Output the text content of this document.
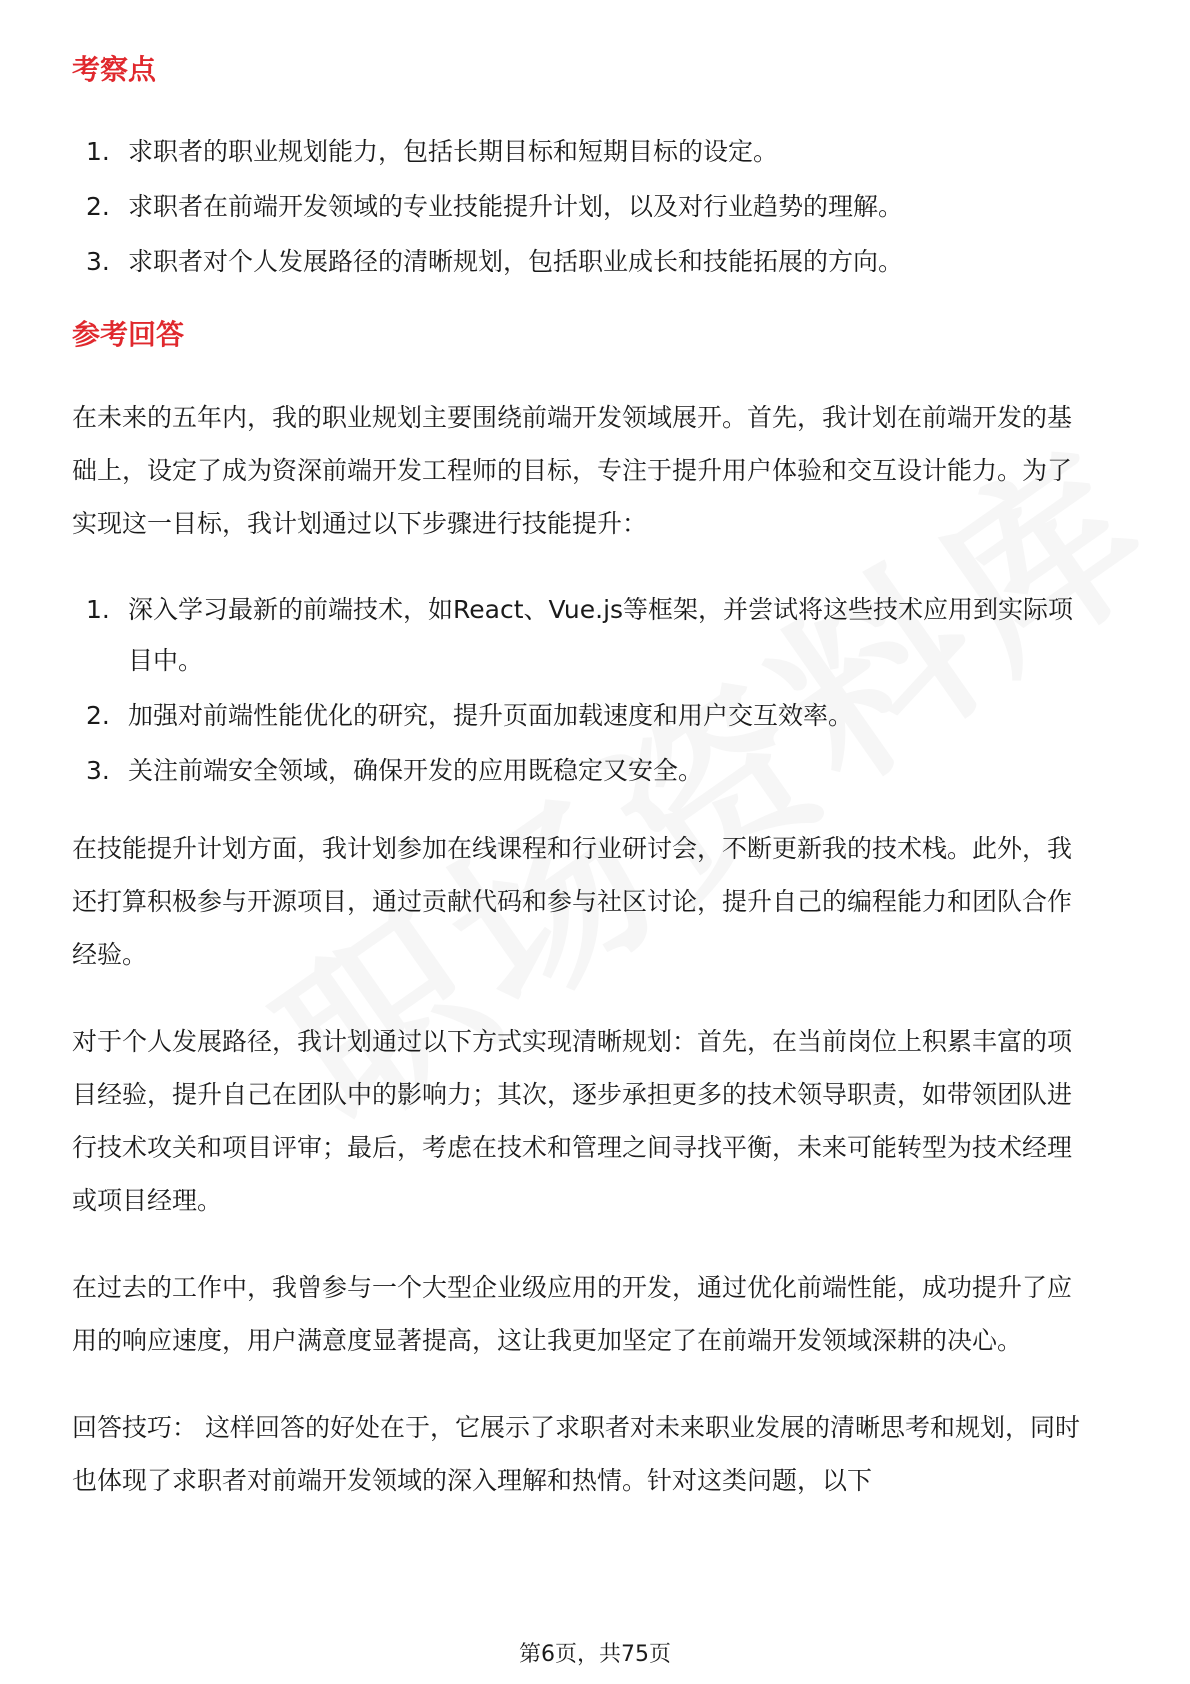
考察点
1. 求职者的职业规划能力，包括长期目标和短期目标的设定。
2. 求职者在前端开发领域的专业技能提升计划，以及对行业趋势的理解。
3. 求职者对个人发展路径的清晰规划，包括职业成长和技能拓展的方向。
参考回答

在未来的五年内，我的职业规划主要围绕前端开发领域展开。首先，我计划在前端开发的基础上，设定了成为资深前端开发工程师的目标，专注于提升用户体验和交互设计能力。为了实现这一目标，我计划通过以下步骤进行技能提升：

1. 深入学习最新的前端技术，如React、Vue.js等框架，并尝试将这些技术应用到实际项目中。
2. 加强对前端性能优化的研究，提升页面加载速度和用户交互效率。
3. 关注前端安全领域，确保开发的应用既稳定又安全。

在技能提升计划方面，我计划参加在线课程和行业研讨会，不断更新我的技术栈。此外，我还打算积极参与开源项目，通过贡献代码和参与社区讨论，提升自己的编程能力和团队合作经验。

对于个人发展路径，我计划通过以下方式实现清晰规划：首先，在当前岗位上积累丰富的项目经验，提升自己在团队中的影响力；其次，逐步承担更多的技术领导职责，如带领团队进行技术攻关和项目评审；最后，考虑在技术和管理之间寻找平衡，未来可能转型为技术经理或项目经理。

在过去的工作中，我曾参与一个大型企业级应用的开发，通过优化前端性能，成功提升了应用的响应速度，用户满意度显著提高，这让我更加坚定了在前端开发领域深耕的决心。

回答技巧： 这样回答的好处在于，它展示了求职者对未来职业发展的清晰思考和规划，同时也体现了求职者对前端开发领域的深入理解和热情。针对这类问题，以下

第6页，共75页
